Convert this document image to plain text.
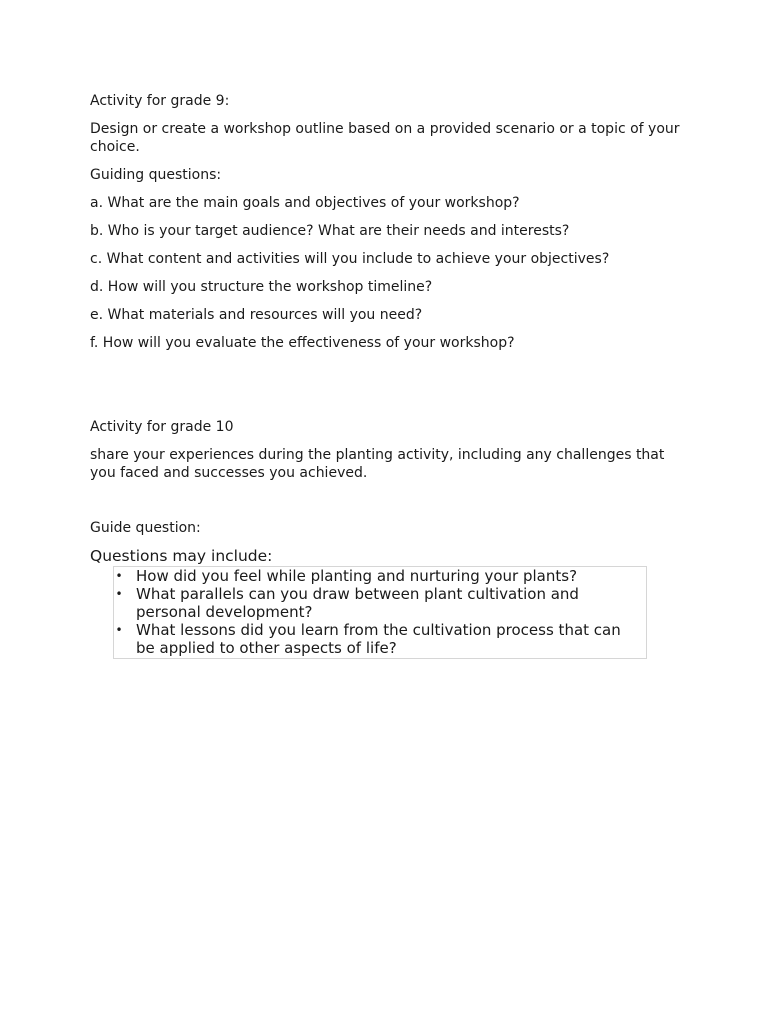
Activity for grade 9:

Design or create a workshop outline based on a provided scenario or a topic of your choice.

Guiding questions:

a. What are the main goals and objectives of your workshop?

b. Who is your target audience? What are their needs and interests?

c. What content and activities will you include to achieve your objectives?

d. How will you structure the workshop timeline?

e. What materials and resources will you need?

f. How will you evaluate the effectiveness of your workshop?

Activity for grade 10

share your experiences during the planting activity, including any challenges that you faced and successes you achieved.

Guide question:

Questions may include:

• How did you feel while planting and nurturing your plants?
• What parallels can you draw between plant cultivation and personal development?
• What lessons did you learn from the cultivation process that can be applied to other aspects of life?
